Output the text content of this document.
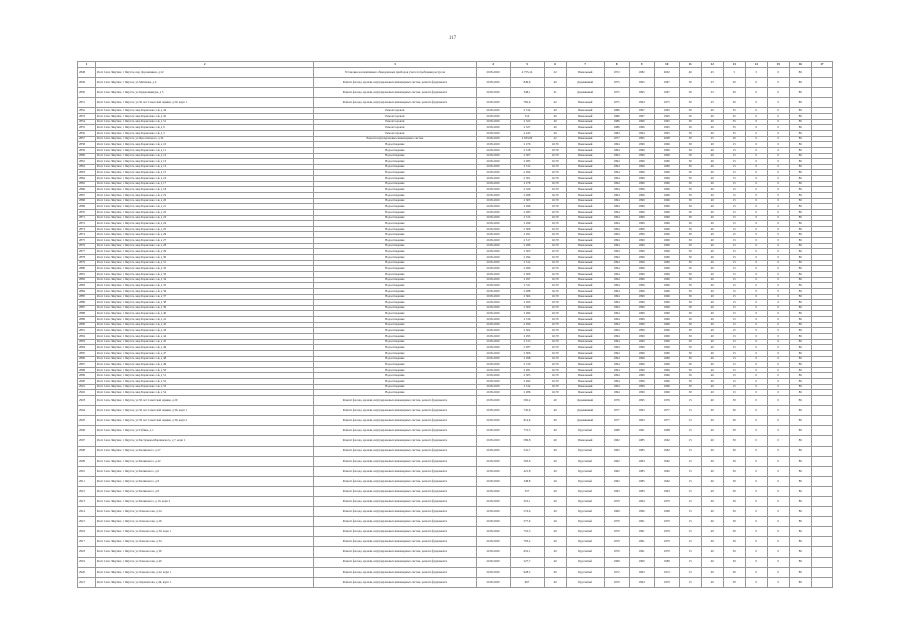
117
1	2	3	4	5	6	7	8	9	10	11	12	13	14	15	16	17
2848	Респ Саха /Якутия/, г Якутск, пер Дорожников, д 22	Установка коллективных общедомовых приборов учета потребления ресурсов	2018-2020	4 755,14	22	Панельный	1972	1982	2002	40	45	5	5	0	86	
2849	Респ Саха /Якутия/, г Якутск, ул Матвеева, д 4	Ремонт фасада, кровли, внутридомовых инженерных систем, ремонт фундамента	2018-2020	849,6	40	Деревянный	1975	1995	1997	30	25	20	0	0	86	
2850	Респ Саха /Якутия/, г Якутск, ул Орджоникидзе, д 5	Ремонт фасада, кровли, внутридомовых инженерных систем, ремонт фундамента	2018-2020	348,1	41	Деревянный	1975	1995	1997	30	25	20	0	0	86	
2851	Респ Саха /Якутия/, г Якутск, ул 50 лет Советской Армии, д 20, корп 1	Ремонт фасада, кровли, внутридомовых инженерных систем, ремонт фундамента	2018-2020	782,9	42	Панельный	1975	1994	1975	30	25	20	0	0	86	
2852	Респ Саха /Якутия/, г Якутск, мкр Борисовка 1-й, д 44	Ремонт кровли	2018-2020	2 314	40	Панельный	1986	1997	1995	30	40	35	0	0	86	
2853	Респ Саха /Якутия/, г Якутск, мкр Борисовка 1-й, д 45	Ремонт кровли	2018-2020	314	40	Панельный	1986	1997	1995	30	40	35	0	0	86	
2854	Респ Саха /Якутия/, г Якутск, мкр Борисовка 1-й, д 51	Ремонт кровли	2018-2020	2 325	40	Панельный	1986	1996	1995	30	40	35	0	0	86	
2855	Респ Саха /Якутия/, г Якутск, мкр Борисовка 1-й, д 9	Ремонт кровли	2018-2020	2 327	40	Панельный	1986	1996	1995	30	40	35	0	0	86	
2856	Респ Саха /Якутия/, г Якутск, мкр Борисовка 1-й, д 3	Ремонт кровли	2018-2020	2 445	40	Панельный	1984	1994	1995	30	40	35	0	0	86	
2857	Респ Саха /Якутия/, г Якутск, ул Ярославского, д 34	Ремонт внутридомовых инженерных систем	2018-2020	2 633,09	22	Панельный	1977	1995	2008	30	25	20	0	0	86	
2858	Респ Саха /Якутия/, г Якутск, мкр Борисовка 1-й, д 10	Водоотведение	2018-2020	2 276	16,79	Панельный	1994	1999	1996	30	40	15	0	0	86	
2859	Респ Саха /Якутия/, г Якутск, мкр Борисовка 1-й, д 11	Водоотведение	2018-2020	2 318	16,79	Панельный	1994	1999	1996	30	40	15	0	0	86	
2860	Респ Саха /Якутия/, г Якутск, мкр Борисовка 1-й, д 12	Водоотведение	2018-2020	2 307	16,79	Панельный	1994	1999	1996	30	40	15	0	0	86	
2861	Респ Саха /Якутия/, г Якутск, мкр Борисовка 1-й, д 13	Водоотведение	2018-2020	2 285	16,79	Панельный	1994	1999	1996	30	40	15	0	0	86	
2862	Респ Саха /Якутия/, г Якутск, мкр Борисовка 1-й, д 14	Водоотведение	2018-2020	2 312	16,79	Панельный	1994	1999	1996	30	40	15	0	0	86	
2863	Респ Саха /Якутия/, г Якутск, мкр Борисовка 1-й, д 15	Водоотведение	2018-2020	2 294	16,79	Панельный	1994	1999	1996	30	40	15	0	0	86	
2864	Респ Саха /Якутия/, г Якутск, мкр Борисовка 1-й, д 16	Водоотведение	2018-2020	2 301	16,79	Панельный	1994	1999	1996	30	40	15	0	0	86	
2865	Респ Саха /Якутия/, г Якутск, мкр Борисовка 1-й, д 17	Водоотведение	2018-2020	2 278	16,79	Панельный	1994	1999	1996	30	40	15	0	0	86	
2866	Респ Саха /Якутия/, г Якутск, мкр Борисовка 1-й, д 18	Водоотведение	2018-2020	2 320	16,79	Панельный	1994	1999	1996	30	40	15	0	0	86	
2867	Респ Саха /Якутия/, г Якутск, мкр Борисовка 1-й, д 19	Водоотведение	2018-2020	2 289	16,79	Панельный	1994	1999	1996	30	40	15	0	0	86	
2868	Респ Саха /Якутия/, г Якутск, мкр Борисовка 1-й, д 20	Водоотведение	2018-2020	2 305	16,79	Панельный	1994	1999	1996	30	40	15	0	0	86	
2869	Респ Саха /Якутия/, г Якутск, мкр Борисовка 1-й, д 21	Водоотведение	2018-2020	2 296	16,79	Панельный	1994	1999	1996	30	40	15	0	0	86	
2870	Респ Саха /Якутия/, г Якутск, мкр Борисовка 1-й, д 22	Водоотведение	2018-2020	2 283	16,79	Панельный	1994	1999	1996	30	40	15	0	0	86	
2871	Респ Саха /Якутия/, г Якутск, мкр Борисовка 1-й, д 23	Водоотведение	2018-2020	2 315	16,79	Панельный	1994	1999	1996	30	40	15	0	0	86	
2872	Респ Саха /Якутия/, г Якутск, мкр Борисовка 1-й, д 24	Водоотведение	2018-2020	2 299	16,79	Панельный	1994	1999	1996	30	40	15	0	0	86	
2873	Респ Саха /Якутия/, г Якутск, мкр Борисовка 1-й, д 25	Водоотведение	2018-2020	2 308	16,79	Панельный	1994	1999	1996	30	40	15	0	0	86	
2874	Респ Саха /Якутия/, г Якутск, мкр Борисовка 1-й, д 26	Водоотведение	2018-2020	2 291	16,79	Панельный	1994	1999	1996	30	40	15	0	0	86	
2875	Респ Саха /Якутия/, г Якутск, мкр Борисовка 1-й, д 27	Водоотведение	2018-2020	2 317	16,79	Панельный	1994	1999	1996	30	40	15	0	0	86	
2876	Респ Саха /Якутия/, г Якутск, мкр Борисовка 1-й, д 28	Водоотведение	2018-2020	2 286	16,79	Панельный	1994	1999	1996	30	40	15	0	0	86	
2877	Респ Саха /Якутия/, г Якутск, мкр Борисовка 1-й, д 29	Водоотведение	2018-2020	2 303	16,79	Панельный	1994	1999	1996	30	40	15	0	0	86	
2878	Респ Саха /Якутия/, г Якутск, мкр Борисовка 1-й, д 30	Водоотведение	2018-2020	2 294	16,79	Панельный	1994	1999	1996	30	40	15	0	0	86	
2879	Респ Саха /Якутия/, г Якутск, мкр Борисовка 1-й, д 31	Водоотведение	2018-2020	2 312	16,79	Панельный	1994	1999	1996	30	40	15	0	0	86	
2880	Респ Саха /Якутия/, г Якутск, мкр Борисовка 1-й, д 32	Водоотведение	2018-2020	2 280	16,79	Панельный	1994	1999	1996	30	40	15	0	0	86	
2881	Респ Саха /Якутия/, г Якутск, мкр Борисовка 1-й, д 33	Водоотведение	2018-2020	2 306	16,79	Панельный	1994	1999	1996	30	40	15	0	0	86	
2882	Респ Саха /Якутия/, г Якутск, мкр Борисовка 1-й, д 34	Водоотведение	2018-2020	2 297	16,79	Панельный	1994	1999	1996	30	40	15	0	0	86	
2883	Респ Саха /Якутия/, г Якутск, мкр Борисовка 1-й, д 35	Водоотведение	2018-2020	2 311	16,79	Панельный	1994	1999	1996	30	40	15	0	0	86	
2884	Респ Саха /Якутия/, г Якутск, мкр Борисовка 1-й, д 36	Водоотведение	2018-2020	2 288	16,79	Панельный	1994	1999	1996	30	40	15	0	0	86	
2885	Респ Саха /Якутия/, г Якутск, мкр Борисовка 1-й, д 37	Водоотведение	2018-2020	2 304	16,79	Панельный	1994	1999	1996	30	40	15	0	0	86	
2886	Респ Саха /Якутия/, г Якутск, мкр Борисовка 1-й, д 38	Водоотведение	2018-2020	2 293	16,79	Панельный	1994	1999	1996	30	40	15	0	0	86	
2887	Респ Саха /Якутия/, г Якутск, мкр Борисовка 1-й, д 39	Водоотведение	2018-2020	2 309	16,79	Панельный	1994	1999	1996	30	40	15	0	0	86	
2888	Респ Саха /Якутия/, г Якутск, мкр Борисовка 1-й, д 40	Водоотведение	2018-2020	2 284	16,79	Панельный	1994	1999	1996	30	40	15	0	0	86	
2889	Респ Саха /Якутия/, г Якутск, мкр Борисовка 1-й, д 41	Водоотведение	2018-2020	2 316	16,79	Панельный	1994	1999	1996	30	40	15	0	0	86	
2890	Респ Саха /Якутия/, г Якутск, мкр Борисовка 1-й, д 42	Водоотведение	2018-2020	2 290	16,79	Панельный	1994	1999	1996	30	40	15	0	0	86	
2891	Респ Саха /Якутия/, г Якутск, мкр Борисовка 1-й, д 43	Водоотведение	2018-2020	2 302	16,79	Панельный	1994	1999	1996	30	40	15	0	0	86	
2892	Респ Саха /Якутия/, г Якутск, мкр Борисовка 1-й, д 44	Водоотведение	2018-2020	2 295	16,79	Панельный	1994	1999	1996	30	40	15	0	0	86	
2893	Респ Саха /Якутия/, г Якутск, мкр Борисовка 1-й, д 45	Водоотведение	2018-2020	2 313	16,79	Панельный	1994	1999	1996	30	40	15	0	0	86	
2894	Респ Саха /Якутия/, г Якутск, мкр Борисовка 1-й, д 46	Водоотведение	2018-2020	2 287	16,79	Панельный	1994	1999	1996	30	40	15	0	0	86	
2895	Респ Саха /Якутия/, г Якутск, мкр Борисовка 1-й, д 47	Водоотведение	2018-2020	2 306	16,79	Панельный	1994	1999	1996	30	40	15	0	0	86	
2896	Респ Саха /Якутия/, г Якутск, мкр Борисовка 1-й, д 48	Водоотведение	2018-2020	2 298	16,79	Панельный	1994	1999	1996	30	40	15	0	0	86	
2897	Респ Саха /Якутия/, г Якутск, мкр Борисовка 1-й, д 49	Водоотведение	2018-2020	2 310	16,79	Панельный	1994	1999	1996	30	40	15	0	0	86	
2898	Респ Саха /Якутия/, г Якутск, мкр Борисовка 1-й, д 50	Водоотведение	2018-2020	2 281	16,79	Панельный	1994	1999	1996	30	40	15	0	0	86	
2899	Респ Саха /Якутия/, г Якутск, мкр Борисовка 1-й, д 51	Водоотведение	2018-2020	2 305	16,79	Панельный	1994	1999	1996	30	40	15	0	0	86	
2900	Респ Саха /Якутия/, г Якутск, мкр Борисовка 1-й, д 52	Водоотведение	2018-2020	2 292	16,79	Панельный	1994	1999	1996	30	40	15	0	0	86	
2901	Респ Саха /Якутия/, г Якутск, мкр Борисовка 1-й, д 53	Водоотведение	2018-2020	2 314	16,79	Панельный	1994	1999	1996	30	40	15	0	0	86	
2902	Респ Саха /Якутия/, г Якутск, мкр Борисовка 1-й, д 54	Водоотведение	2018-2020	2 286	16,79	Панельный	1994	1999	1996	30	40	15	0	0	86	
2903	Респ Саха /Якутия/, г Якутск, ул 50 лет Советской Армии, д 29	Ремонт фасада, кровли, внутридомовых инженерных систем, ремонт фундамента	2018-2020	592,4	40	Деревянный	1976	1995	1976	15	40	30	0	0	86	
2904	Респ Саха /Якутия/, г Якутск, ул 50 лет Советской Армии, д 30, корп 1	Ремонт фасада, кровли, внутридомовых инженерных систем, ремонт фундамента	2018-2020	745,6	40	Деревянный	1977	1993	1977	15	40	30	0	0	86	
2905	Респ Саха /Якутия/, г Якутск, ул 50 лет Советской Армии, д 30, корп 2	Ремонт фасада, кровли, внутридомовых инженерных систем, ремонт фундамента	2018-2020	814,6	40	Деревянный	1977	1993	1977	15	40	30	0	0	86	
2906	Респ Саха /Якутия/, г Якутск, ул Губина, д 1	Ремонт фасада, кровли, внутридомовых инженерных систем, ремонт фундамента	2018-2020	772,3	40	Брусчатый	1968	1991	1968	15	40	30	0	0	86	
2907	Респ Саха /Якутия/, г Якутск, ул Бестужева-Марлинского, д 7, корп 1	Ремонт фасада, кровли, внутридомовых инженерных систем, ремонт фундамента	2018-2020	599,8	40	Панельный	1962	1985	1962	15	40	30	0	0	86	
2908	Респ Саха /Якутия/, г Якутск, ул Белинского, д 27	Ремонт фасада, кровли, внутридомовых инженерных систем, ремонт фундамента	2018-2020	541,7	40	Брусчатый	1962	1985	1962	15	40	30	0	0	86	
2909	Респ Саха /Якутия/, г Якутск, ул Белинского, д 42	Ремонт фасада, кровли, внутридомовых инженерных систем, ремонт фундамента	2018-2020	563,6	40	Брусчатый	1962	1984	1962	15	40	30	0	0	86	
2910	Респ Саха /Якутия/, г Якутск, ул Белинского, д 6	Ремонт фасада, кровли, внутридомовых инженерных систем, ремонт фундамента	2018-2020	421,8	40	Брусчатый	1962	1985	1962	15	40	30	0	0	86	
2911	Респ Саха /Якутия/, г Якутск, ул Белинского, д 8	Ремонт фасада, кровли, внутридомовых инженерных систем, ремонт фундамента	2018-2020	348,8	40	Брусчатый	1962	1985	1962	15	40	30	0	0	86	
2912	Респ Саха /Якутия/, г Якутск, ул Белинского, д 8	Ремонт фасада, кровли, внутридомовых инженерных систем, ремонт фундамента	2018-2020	357	40	Брусчатый	1963	1983	1963	15	40	30	0	0	86	
2913	Респ Саха /Якутия/, г Якутск, ул Белинского, д 10, корп 2	Ремонт фасада, кровли, внутридомовых инженерных систем, ремонт фундамента	2018-2020	310,1	40	Брусчатый	1970	1994	1970	15	40	30	0	0	86	
2914	Респ Саха /Якутия/, г Якутск, ул Ломоносова, д 24	Ремонт фасада, кровли, внутридомовых инженерных систем, ремонт фундамента	2018-2020	574,6	40	Брусчатый	1969	1990	1969	15	40	30	0	0	86	
2915	Респ Саха /Якутия/, г Якутск, ул Ломоносова, д 26	Ремонт фасада, кровли, внутридомовых инженерных систем, ремонт фундамента	2018-2020	577,6	40	Брусчатый	1970	1991	1970	15	40	30	0	0	86	
2916	Респ Саха /Якутия/, г Якутск, ул Ломоносова, д 30, корп 1	Ремонт фасада, кровли, внутридомовых инженерных систем, ремонт фундамента	2018-2020	752,5	40	Брусчатый	1970	1991	1970	15	40	30	0	0	86	
2917	Респ Саха /Якутия/, г Якутск, ул Ломоносова, д 34	Ремонт фасада, кровли, внутридомовых инженерных систем, ремонт фундамента	2018-2020	763,2	40	Брусчатый	1970	1991	1970	15	40	30	0	0	86	
2918	Респ Саха /Якутия/, г Якутск, ул Ломоносова, д 36	Ремонт фасада, кровли, внутридомовых инженерных систем, ремонт фундамента	2018-2020	652,1	40	Брусчатый	1970	1991	1970	15	40	30	0	0	86	
2919	Респ Саха /Якутия/, г Якутск, ул Ломоносова, д 40	Ремонт фасада, кровли, внутридомовых инженерных систем, ремонт фундамента	2018-2020	527,7	40	Брусчатый	1969	1990	1969	15	40	30	0	0	86	
2920	Респ Саха /Якутия/, г Якутск, ул Ломоносова, д 42, корп 1	Ремонт фасада, кровли, внутридомовых инженерных систем, ремонт фундамента	2018-2020	928,5	40	Брусчатый	1972	1993	1972	15	40	30	0	0	86	
2921	Респ Саха /Якутия/, г Якутск, ул Лермонтова, д 46, корп 1	Ремонт фасада, кровли, внутридомовых инженерных систем, ремонт фундамента	2018-2020	967	40	Брусчатый	1970	1994	1970	15	40	30	0	0	86	
